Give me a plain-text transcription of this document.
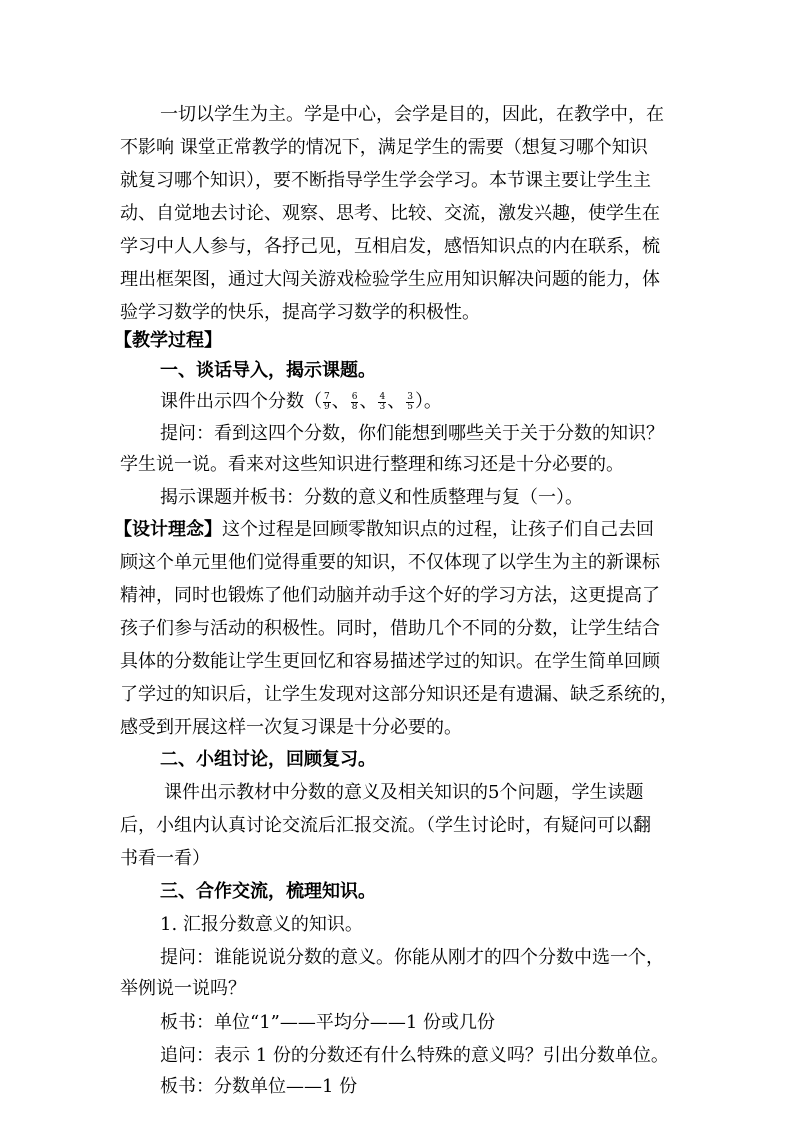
一切以学生为主。学是中心，会学是目的，因此，在教学中，在
不影响 课堂正常教学的情况下，满足学生的需要（想复习哪个知识
就复习哪个知识），要不断指导学生学会学习。本节课主要让学生主
动、自觉地去讨论、观察、思考、比较、交流，激发兴趣，使学生在
学习中人人参与，各抒己见，互相启发，感悟知识点的内在联系，梳
理出框架图，通过大闯关游戏检验学生应用知识解决问题的能力，体
验学习数学的快乐，提高学习数学的积极性。
【教学过程】
一、谈话导入，揭示课题。
课件出示四个分数（ $\frac{7}{9}$ 、 $\frac{6}{8}$ 、 $\frac{4}{3}$ 、 $\frac{3}{5}$ ）。
提问：看到这四个分数，你们能想到哪些关于关于分数的知识？
学生说一说。看来对这些知识进行整理和练习还是十分必要的。
揭示课题并板书：分数的意义和性质整理与复（一）。
【设计理念】这个过程是回顾零散知识点的过程，让孩子们自己去回
顾这个单元里他们觉得重要的知识，不仅体现了以学生为主的新课标
精神，同时也锻炼了他们动脑并动手这个好的学习方法，这更提高了
孩子们参与活动的积极性。同时，借助几个不同的分数，让学生结合
具体的分数能让学生更回忆和容易描述学过的知识。在学生简单回顾
了学过的知识后，让学生发现对这部分知识还是有遗漏、缺乏系统的，
感受到开展这样一次复习课是十分必要的。
二、小组讨论，回顾复习。
课件出示教材中分数的意义及相关知识的5个问题，学生读题
后，小组内认真讨论交流后汇报交流。（学生讨论时，有疑问可以翻
书看一看）
三、合作交流，梳理知识。
1. 汇报分数意义的知识。
提问：谁能说说分数的意义。你能从刚才的四个分数中选一个，
举例说一说吗？
板书：单位“1”——平均分——1 份或几份
追问：表示 1 份的分数还有什么特殊的意义吗？引出分数单位。
板书：分数单位——1 份
